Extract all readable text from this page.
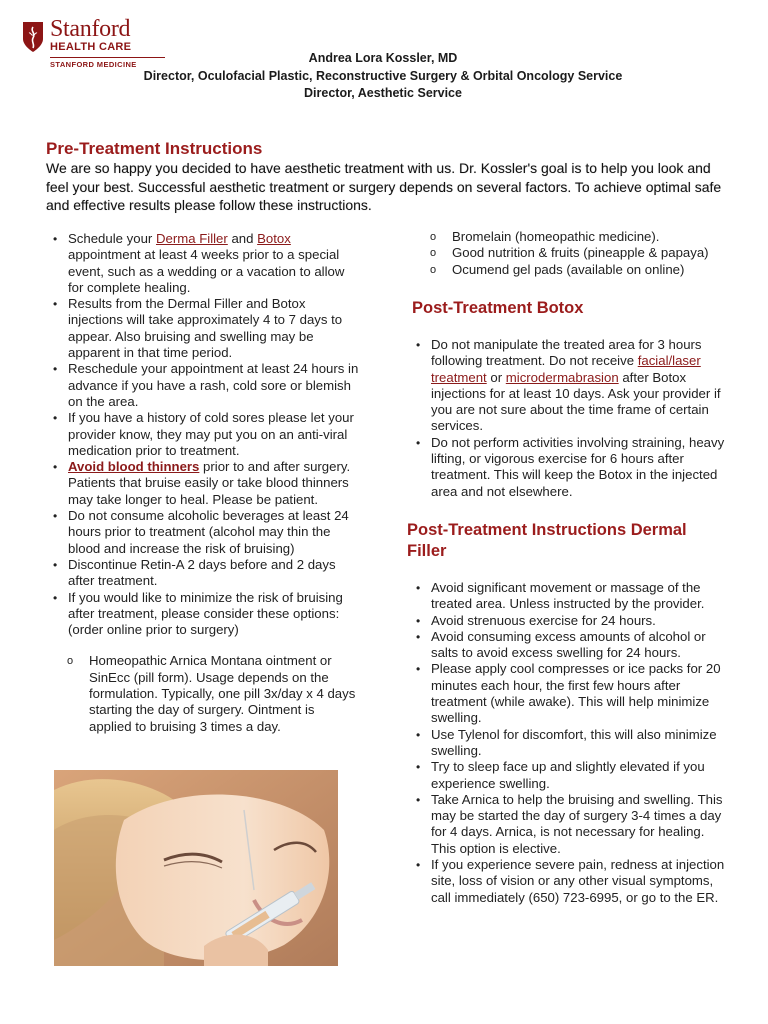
Stanford
HEALTH CARE
STANFORD MEDICINE	Andrea Lora Kossler, MD
Director, Oculofacial Plastic, Reconstructive Surgery & Orbital Oncology Service
Director, Aesthetic Service
Pre-Treatment Instructions

We are so happy you decided to have aesthetic treatment with us. Dr. Kossler's goal is to help you look and feel your best. Successful aesthetic treatment or surgery depends on several factors. To achieve optimal safe and effective results please follow these instructions.

• Schedule your Derma Filler and Botox appointment at least 4 weeks prior to a special event, such as a wedding or a vacation to allow for complete healing.
• Results from the Dermal Filler and Botox injections will take approximately 4 to 7 days to appear. Also bruising and swelling may be apparent in that time period.
• Reschedule your appointment at least 24 hours in advance if you have a rash, cold sore or blemish on the area.
• If you have a history of cold sores please let your provider know, they may put you on an anti-viral medication prior to treatment.
• Avoid blood thinners prior to and after surgery. Patients that bruise easily or take blood thinners may take longer to heal. Please be patient.
• Do not consume alcoholic beverages at least 24 hours prior to treatment (alcohol may thin the blood and increase the risk of bruising)
• Discontinue Retin-A 2 days before and 2 days after treatment.
• If you would like to minimize the risk of bruising after treatment, please consider these options: (order online prior to surgery)
o Homeopathic Arnica Montana ointment or SinEcc (pill form). Usage depends on the formulation. Typically, one pill 3x/day x 4 days starting the day of surgery. Ointment is applied to bruising 3 times a day.
o Bromelain (homeopathic medicine).
o Good nutrition & fruits (pineapple & papaya)
o Ocumend gel pads (available on online)
Post-Treatment Botox
• Do not manipulate the treated area for 3 hours following treatment. Do not receive facial/laser treatment or microdermabrasion after Botox injections for at least 10 days. Ask your provider if you are not sure about the time frame of certain services.
• Do not perform activities involving straining, heavy lifting, or vigorous exercise for 6 hours after treatment. This will keep the Botox in the injected area and not elsewhere.
Post-Treatment Instructions Dermal Filler
• Avoid significant movement or massage of the treated area. Unless instructed by the provider.
• Avoid strenuous exercise for 24 hours.
• Avoid consuming excess amounts of alcohol or salts to avoid excess swelling for 24 hours.
• Please apply cool compresses or ice packs for 20 minutes each hour, the first few hours after treatment (while awake). This will help minimize swelling.
• Use Tylenol for discomfort, this will also minimize swelling.
• Try to sleep face up and slightly elevated if you experience swelling.
• Take Arnica to help the bruising and swelling. This may be started the day of surgery 3-4 times a day for 4 days. Arnica, is not necessary for healing. This option is elective.
• If you experience severe pain, redness at injection site, loss of vision or any other visual symptoms, call immediately (650) 723-6995, or go to the ER.
